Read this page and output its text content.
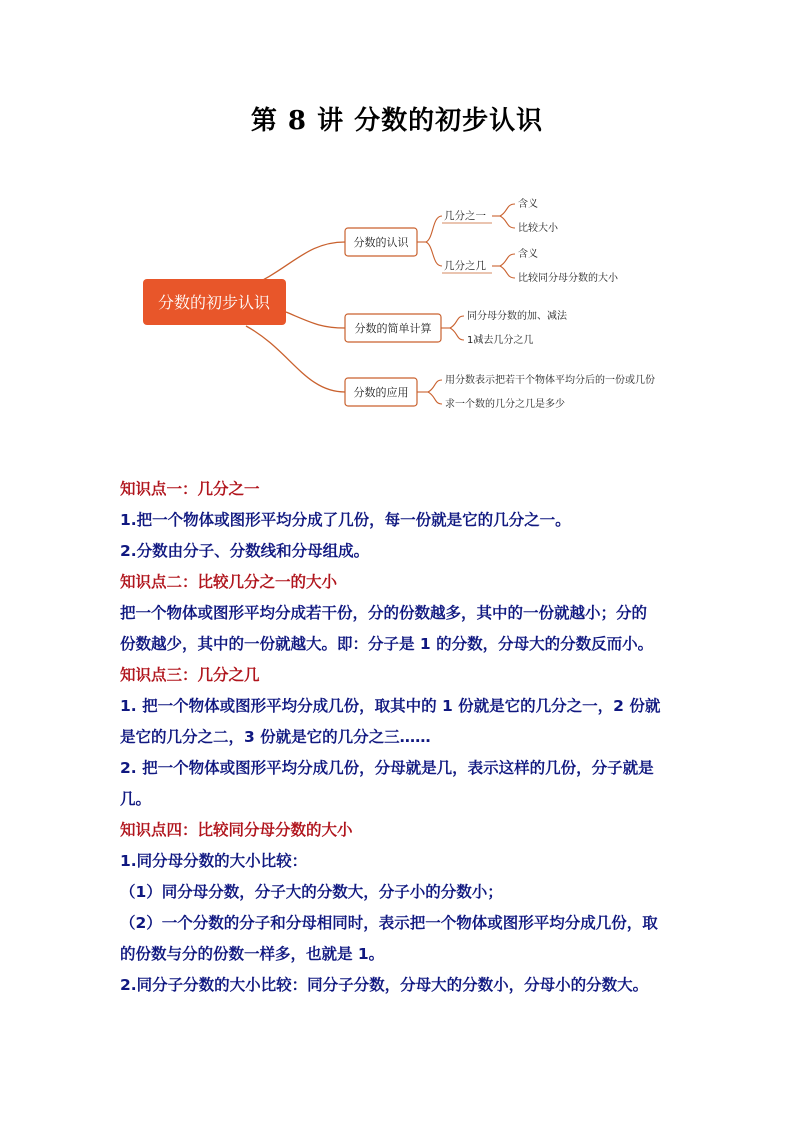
第 8 讲 分数的初步认识
分数的认识
分数的简单计算
分数的应用
几分之一
几分之几
含义
比较大小
含义
比较同分母分数的大小
同分母分数的加、减法
1减去几分之几
用分数表示把若干个物体平均分后的一份或几份
求一个数的几分之几是多少
分数的初步认识
知识点一：几分之一
1.把一个物体或图形平均分成了几份，每一份就是它的几分之一。
2.分数由分子、分数线和分母组成。
知识点二：比较几分之一的大小
把一个物体或图形平均分成若干份，分的份数越多，其中的一份就越小；分的
份数越少，其中的一份就越大。即：分子是 1 的分数，分母大的分数反而小。
知识点三：几分之几
1. 把一个物体或图形平均分成几份，取其中的 1 份就是它的几分之一，2 份就
是它的几分之二，3 份就是它的几分之三……
2. 把一个物体或图形平均分成几份，分母就是几，表示这样的几份，分子就是
几。
知识点四：比较同分母分数的大小
1.同分母分数的大小比较：
（1）同分母分数，分子大的分数大，分子小的分数小；
（2）一个分数的分子和分母相同时，表示把一个物体或图形平均分成几份，取
的份数与分的份数一样多，也就是 1。
2.同分子分数的大小比较：同分子分数，分母大的分数小，分母小的分数大。
